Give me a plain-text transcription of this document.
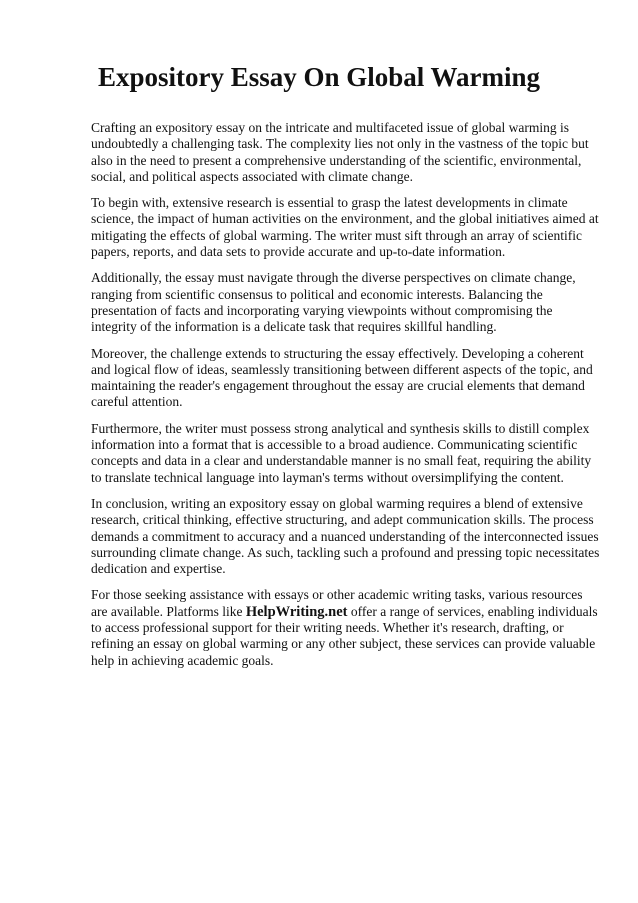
Expository Essay On Global Warming

Crafting an expository essay on the intricate and multifaceted issue of global warming is undoubtedly a challenging task. The complexity lies not only in the vastness of the topic but also in the need to present a comprehensive understanding of the scientific, environmental, social, and political aspects associated with climate change.

To begin with, extensive research is essential to grasp the latest developments in climate science, the impact of human activities on the environment, and the global initiatives aimed at mitigating the effects of global warming. The writer must sift through an array of scientific papers, reports, and data sets to provide accurate and up-to-date information.

Additionally, the essay must navigate through the diverse perspectives on climate change, ranging from scientific consensus to political and economic interests. Balancing the presentation of facts and incorporating varying viewpoints without compromising the integrity of the information is a delicate task that requires skillful handling.

Moreover, the challenge extends to structuring the essay effectively. Developing a coherent and logical flow of ideas, seamlessly transitioning between different aspects of the topic, and maintaining the reader's engagement throughout the essay are crucial elements that demand careful attention.

Furthermore, the writer must possess strong analytical and synthesis skills to distill complex information into a format that is accessible to a broad audience. Communicating scientific concepts and data in a clear and understandable manner is no small feat, requiring the ability to translate technical language into layman's terms without oversimplifying the content.

In conclusion, writing an expository essay on global warming requires a blend of extensive research, critical thinking, effective structuring, and adept communication skills. The process demands a commitment to accuracy and a nuanced understanding of the interconnected issues surrounding climate change. As such, tackling such a profound and pressing topic necessitates dedication and expertise.

For those seeking assistance with essays or other academic writing tasks, various resources are available. Platforms like HelpWriting.net offer a range of services, enabling individuals to access professional support for their writing needs. Whether it's research, drafting, or refining an essay on global warming or any other subject, these services can provide valuable help in achieving academic goals.
